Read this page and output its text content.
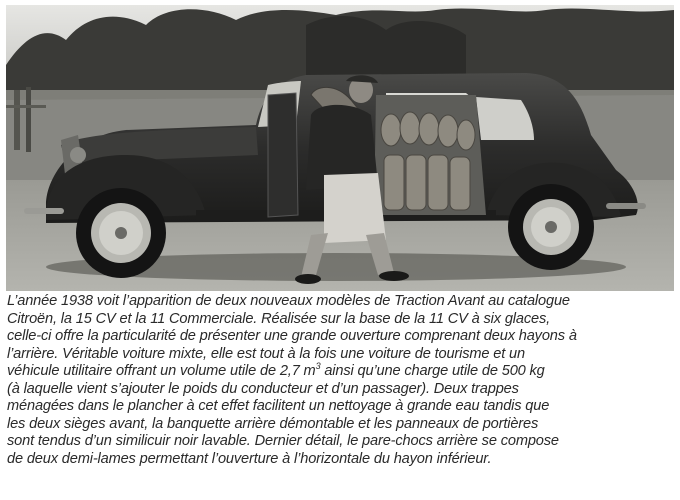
L’année 1938 voit l’apparition de deux nouveaux modèles de Traction Avant au catalogue
Citroën, la 15 CV et la 11 Commerciale. Réalisée sur la base de la 11 CV à six glaces,
celle-ci offre la particularité de présenter une grande ouverture comprenant deux hayons à
l’arrière. Véritable voiture mixte, elle est tout à la fois une voiture de tourisme et un
véhicule utilitaire offrant un volume utile de 2,7 $m^3$ ainsi qu’une charge utile de 500 kg
(à laquelle vient s’ajouter le poids du conducteur et d’un passager). Deux trappes
ménagées dans le plancher à cet effet facilitent un nettoyage à grande eau tandis que
les deux sièges avant, la banquette arrière démontable et les panneaux de portières
sont tendus d’un similicuir noir lavable. Dernier détail, le pare-chocs arrière se compose
de deux demi-lames permettant l’ouverture à l’horizontale du hayon inférieur.
